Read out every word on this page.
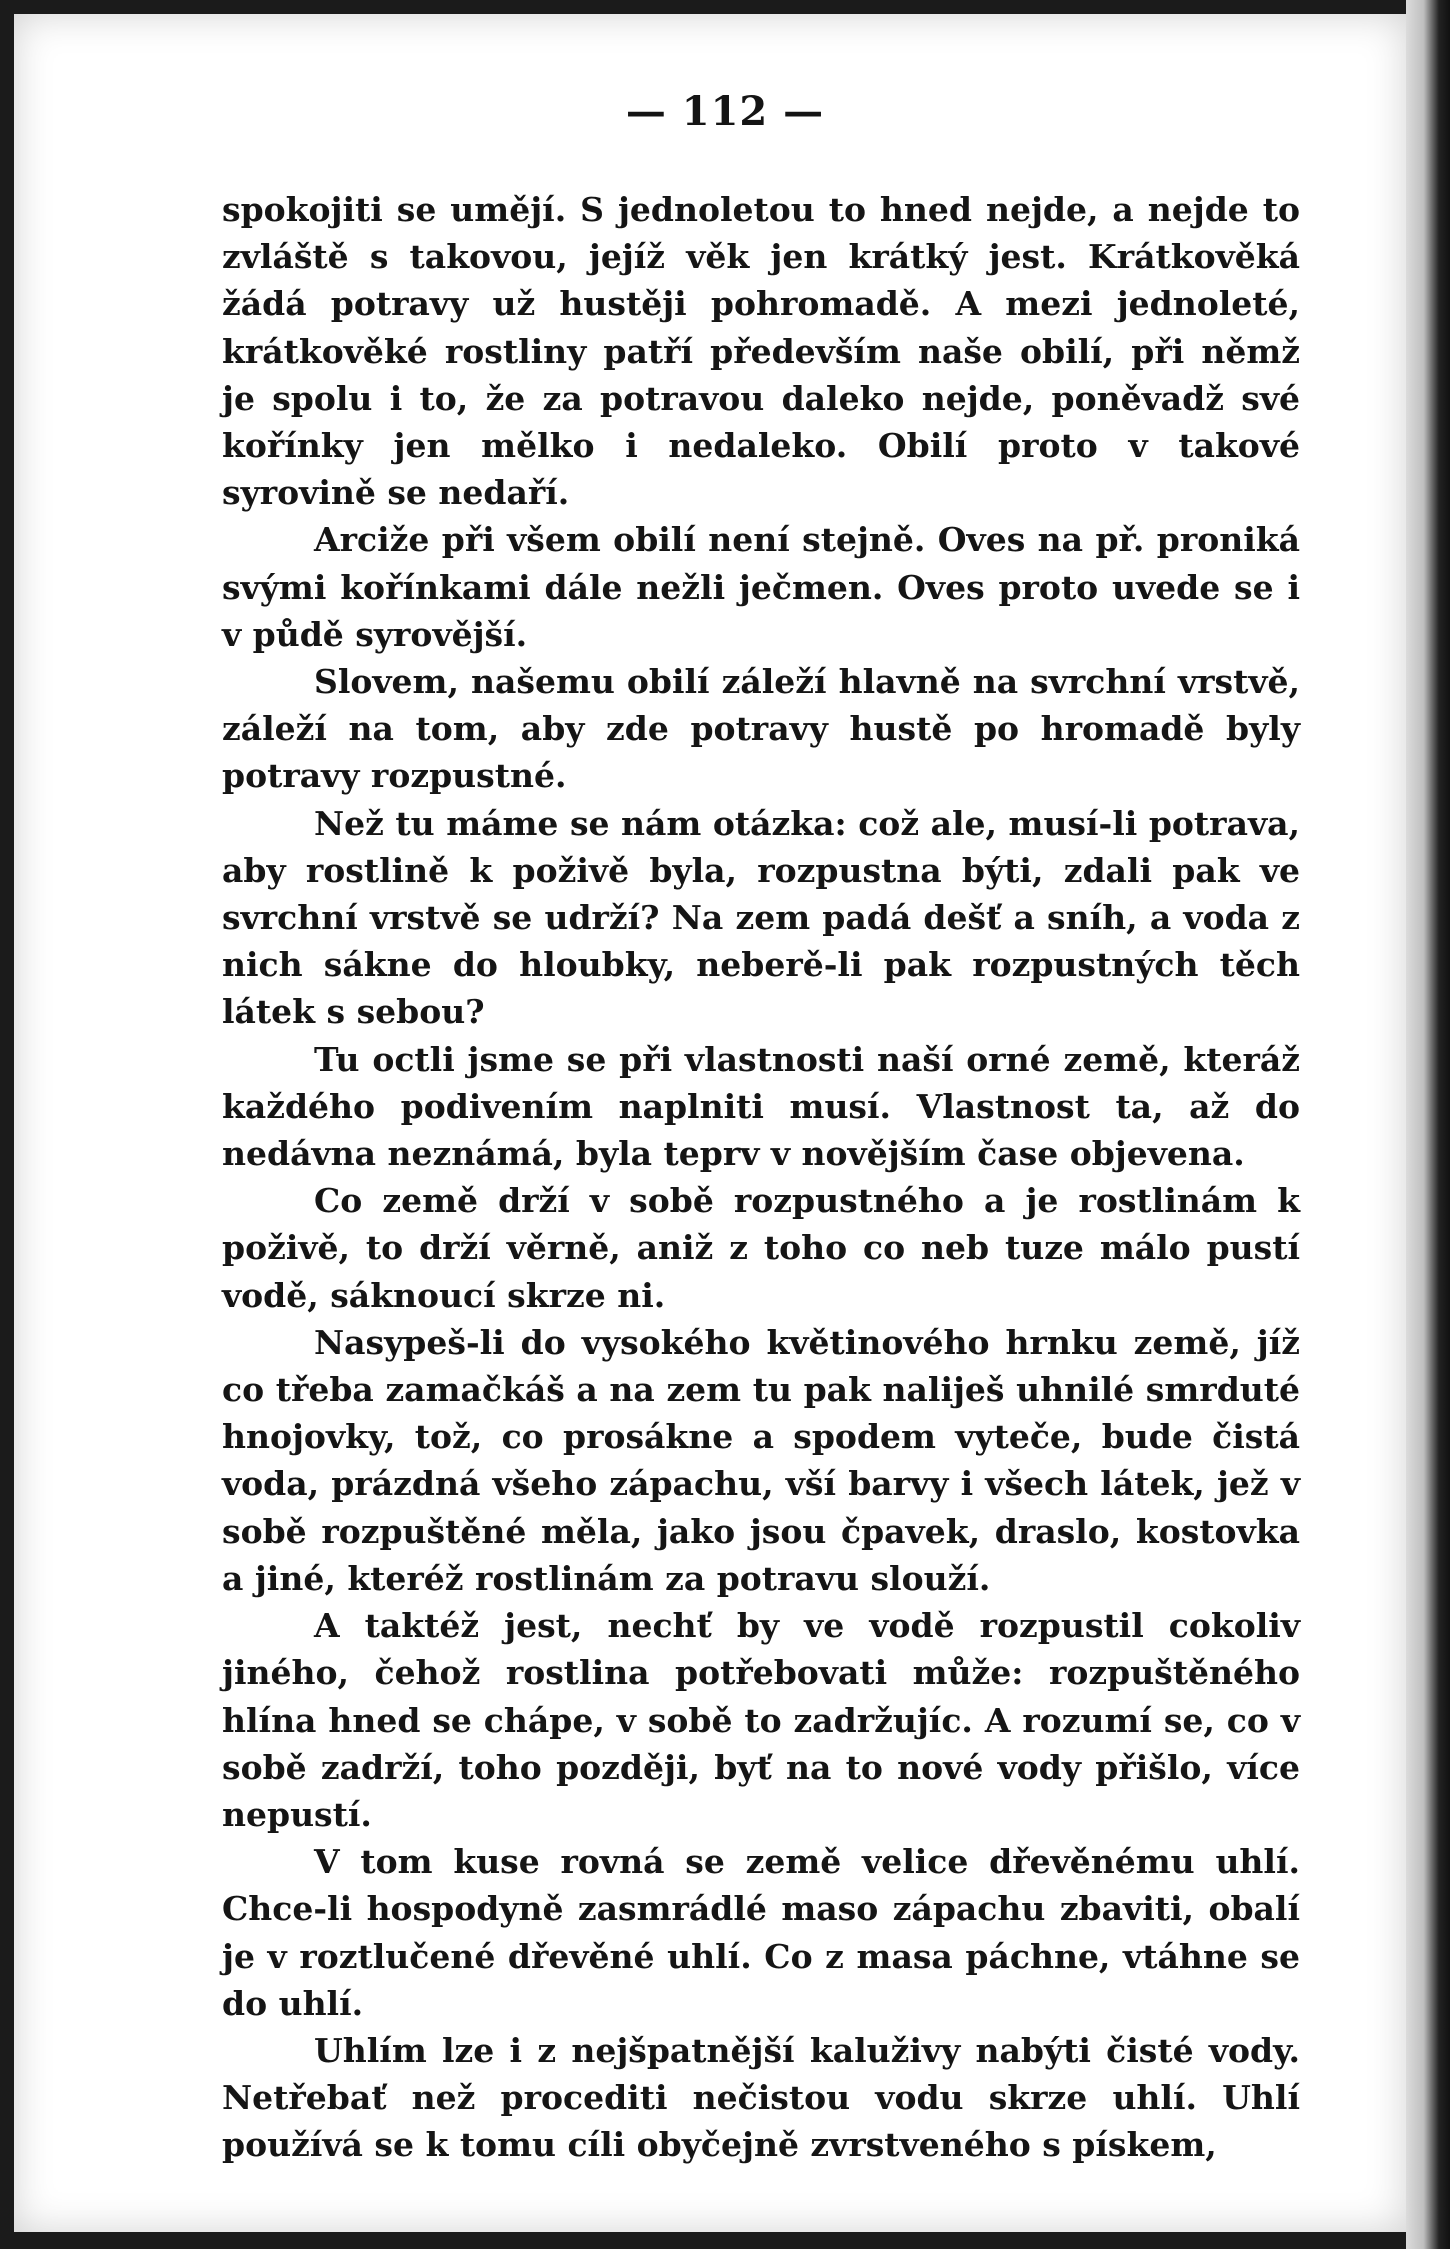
— 112 —

spokojiti se umějí. S jednoletou to hned nejde, a nejde to zvláště s takovou, jejíž věk jen krátký jest. Krátkověká žádá potravy už hustěji pohromadě. A mezi jednoleté, krátkověké rostliny patří především naše obilí, při němž je spolu i to, že za potravou daleko nejde, poněvadž své kořínky jen mělko i nedaleko. Obilí proto v takové syrovině se nedaří.

Arciže při všem obilí není stejně. Oves na př. proniká svými kořínkami dále nežli ječmen. Oves proto uvede se i v půdě syrovější.

Slovem, našemu obilí záleží hlavně na svrchní vrstvě, záleží na tom, aby zde potravy hustě po hromadě byly potravy rozpustné.

Než tu máme se nám otázka: což ale, musí-li potrava, aby rostlině k poživě byla, rozpustna býti, zdali pak ve svrchní vrstvě se udrží? Na zem padá dešť a sníh, a voda z nich sákne do hloubky, neberě-li pak rozpustných těch látek s sebou?

Tu octli jsme se při vlastnosti naší orné země, kteráž každého podivením naplniti musí. Vlastnost ta, až do nedávna neznámá, byla teprv v novějším čase objevena.

Co země drží v sobě rozpustného a je rostlinám k poživě, to drží věrně, aniž z toho co neb tuze málo pustí vodě, sáknoucí skrze ni.

Nasypeš-li do vysokého květinového hrnku země, jíž co třeba zamačkáš a na zem tu pak naliješ uhnilé smrduté hnojovky, tož, co prosákne a spodem vyteče, bude čistá voda, prázdná všeho zápachu, vší barvy i všech látek, jež v sobě rozpuštěné měla, jako jsou čpavek, draslo, kostovka a jiné, kteréž rostlinám za potravu slouží.

A taktéž jest, nechť by ve vodě rozpustil cokoliv jiného, čehož rostlina potřebovati může: rozpuštěného hlína hned se chápe, v sobě to zadržujíc. A rozumí se, co v sobě zadrží, toho později, byť na to nové vody přišlo, více nepustí.

V tom kuse rovná se země velice dřevěnému uhlí. Chce-li hospodyně zasmrádlé maso zápachu zbaviti, obalí je v roztlučené dřevěné uhlí. Co z masa páchne, vtáhne se do uhlí.

Uhlím lze i z nejšpatnější kaluživy nabýti čisté vody. Netřebať než procediti nečistou vodu skrze uhlí. Uhlí používá se k tomu cíli obyčejně zvrstveného s pískem,
